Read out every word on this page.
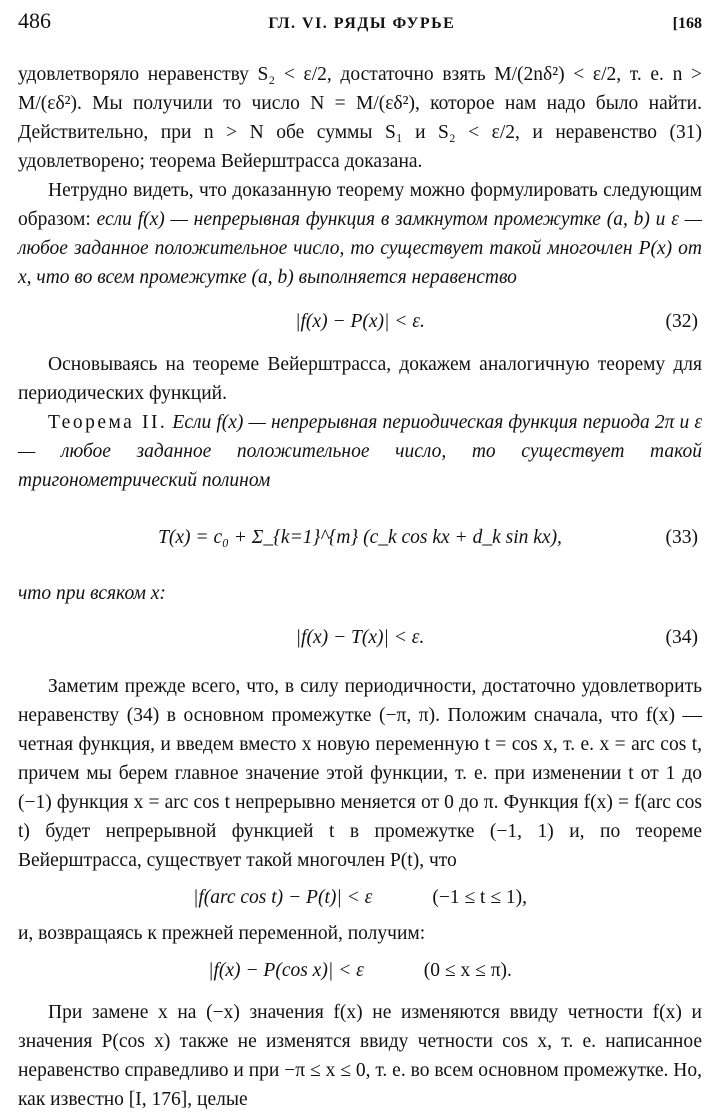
486	ГЛ. VI. РЯДЫ ФУРЬЕ	[168

удовлетворяло неравенству S₂ < ε/2, достаточно взять M/(2nδ²) < ε/2, т. е. n > M/(εδ²). Мы получили то число N = M/(εδ²), которое нам надо было найти. Действительно, при n > N обе суммы S₁ и S₂ < ε/2, и неравенство (31) удовлетворено; теорема Вейерштрасса доказана.

Нетрудно видеть, что доказанную теорему можно формулировать следующим образом: если f(x) — непрерывная функция в замкнутом промежутке (a, b) и ε — любое заданное положительное число, то существует такой многочлен P(x) от x, что во всем промежутке (a, b) выполняется неравенство

|f(x) − P(x)| < ε.	(32)

Основываясь на теореме Вейерштрасса, докажем аналогичную теорему для периодических функций.

Теорема II. Если f(x) — непрерывная периодическая функция периода 2π и ε — любое заданное положительное число, то существует такой тригонометрический полином

T(x) = c₀ + Σ_{k=1}^{m} (c_k cos kx + d_k sin kx),	(33)

что при всяком x:

|f(x) − T(x)| < ε.	(34)

Заметим прежде всего, что, в силу периодичности, достаточно удовлетворить неравенству (34) в основном промежутке (−π, π). Положим сначала, что f(x) — четная функция, и введем вместо x новую переменную t = cos x, т. е. x = arc cos t, причем мы берем главное значение этой функции, т. е. при изменении t от 1 до (−1) функция x = arc cos t непрерывно меняется от 0 до π. Функция f(x) = f(arc cos t) будет непрерывной функцией t в промежутке (−1, 1) и, по теореме Вейерштрасса, существует такой многочлен P(t), что

|f(arc cos t) − P(t)| < ε	(−1 ≤ t ≤ 1),

и, возвращаясь к прежней переменной, получим:

|f(x) − P(cos x)| < ε	(0 ≤ x ≤ π).

При замене x на (−x) значения f(x) не изменяются ввиду четности f(x) и значения P(cos x) также не изменятся ввиду четности cos x, т. е. написанное неравенство справедливо и при −π ≤ x ≤ 0, т. е. во всем основном промежутке. Но, как известно [I, 176], целые
